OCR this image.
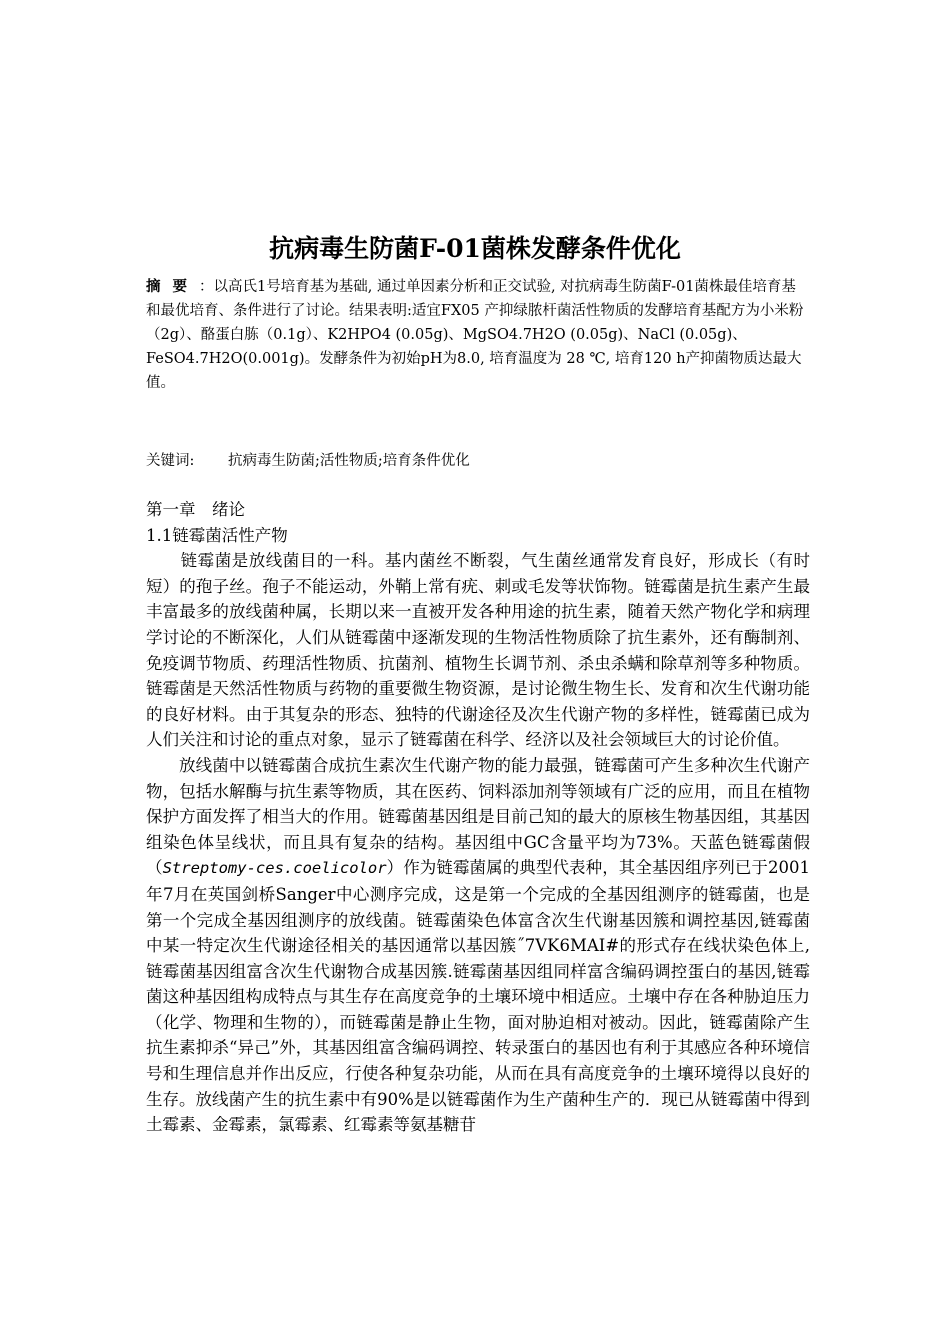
抗病毒生防菌F-01菌株发酵条件优化

摘要：以高氏1号培育基为基础, 通过单因素分析和正交试验, 对抗病毒生防菌F-01菌株最佳培育基和最优培育、条件进行了讨论。结果表明:适宜FX05 产抑绿脓杆菌活性物质的发酵培育基配方为小米粉（2g）、酪蛋白胨（0.1g）、K2HPO4 (0.05g)、MgSO4.7H2O (0.05g)、NaCl (0.05g)、FeSO4.7H2O(0.001g)。发酵条件为初始pH为8.0, 培育温度为 28 ℃, 培育120 h产抑菌物质达最大值。

关键词: 抗病毒生防菌;活性物质;培育条件优化

第一章　绪论

1.1链霉菌活性产物

链霉菌是放线菌目的一科。基内菌丝不断裂，气生菌丝通常发育良好，形成长（有时短）的孢子丝。孢子不能运动，外鞘上常有疣、刺或毛发等状饰物。链霉菌是抗生素产生最丰富最多的放线菌种属，长期以来一直被开发各种用途的抗生素，随着天然产物化学和病理学讨论的不断深化，人们从链霉菌中逐渐发现的生物活性物质除了抗生素外，还有酶制剂、免疫调节物质、药理活性物质、抗菌剂、植物生长调节剂、杀虫杀螨和除草剂等多种物质。链霉菌是天然活性物质与药物的重要微生物资源，是讨论微生物生长、发育和次生代谢功能的良好材料。由于其复杂的形态、独特的代谢途径及次生代谢产物的多样性，链霉菌已成为人们关注和讨论的重点对象，显示了链霉菌在科学、经济以及社会领域巨大的讨论价值。

放线菌中以链霉菌合成抗生素次生代谢产物的能力最强，链霉菌可产生多种次生代谢产物，包括水解酶与抗生素等物质，其在医药、饲料添加剂等领域有广泛的应用，而且在植物保护方面发挥了相当大的作用。链霉菌基因组是目前己知的最大的原核生物基因组，其基因组染色体呈线状，而且具有复杂的结构。基因组中GC含量平均为73%。天蓝色链霉菌假（Streptomy-ces.coelicolor）作为链霉菌属的典型代表种，其全基因组序列已于2001年7月在英国剑桥Sanger中心测序完成，这是第一个完成的全基因组测序的链霉菌，也是第一个完成全基因组测序的放线菌。链霉菌染色体富含次生代谢基因簇和调控基因,链霉菌中某一特定次生代谢途径相关的基因通常以基因簇˝7VK6MAI#的形式存在线状染色体上,链霉菌基因组富含次生代谢物合成基因簇.链霉菌基因组同样富含编码调控蛋白的基因,链霉菌这种基因组构成特点与其生存在高度竞争的土壤环境中相适应。土壤中存在各种胁迫压力（化学、物理和生物的），而链霉菌是静止生物，面对胁迫相对被动。因此，链霉菌除产生抗生素抑杀“异己”外，其基因组富含编码调控、转录蛋白的基因也有利于其感应各种环境信号和生理信息并作出反应，行使各种复杂功能，从而在具有高度竞争的土壤环境得以良好的生存。放线菌产生的抗生素中有90%是以链霉菌作为生产菌种生产的．现已从链霉菌中得到土霉素、金霉素，氯霉素、红霉素等氨基糖苷
